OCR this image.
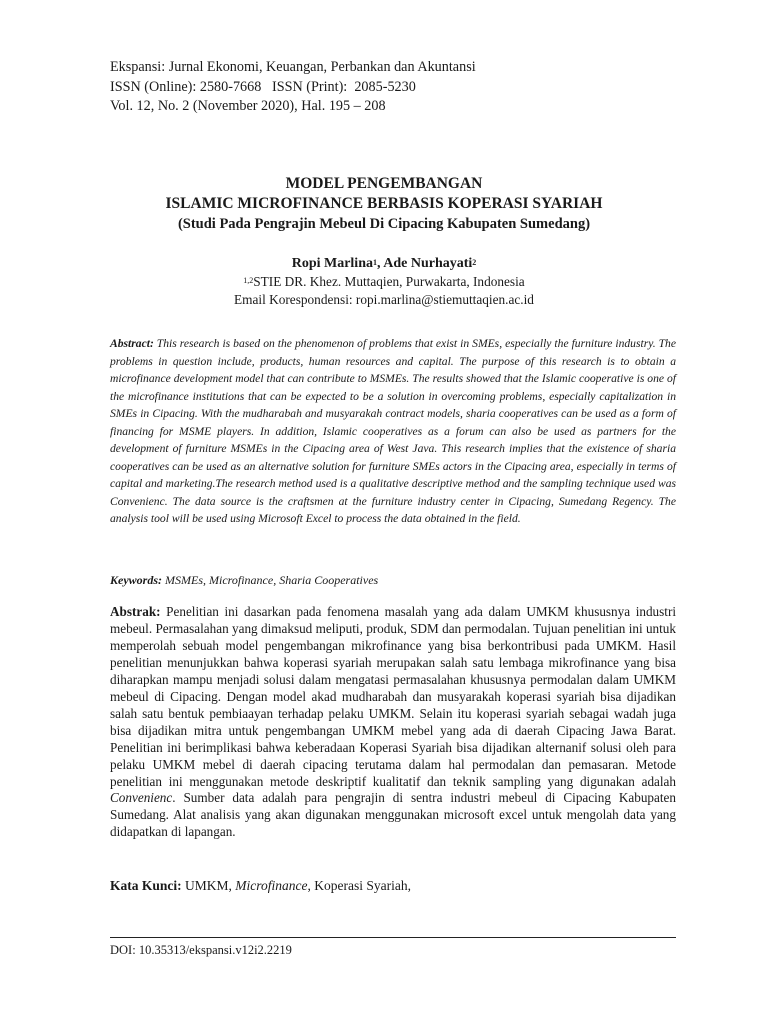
Ekspansi: Jurnal Ekonomi, Keuangan, Perbankan dan Akuntansi
ISSN (Online): 2580-7668   ISSN (Print):  2085-5230
Vol. 12, No. 2 (November 2020), Hal. 195 – 208
MODEL PENGEMBANGAN
ISLAMIC MICROFINANCE BERBASIS KOPERASI SYARIAH
(Studi Pada Pengrajin Mebeul Di Cipacing Kabupaten Sumedang)
Ropi Marlina$^1$, Ade Nurhayati$^2$
$^{1,2}$STIE DR. Khez. Muttaqien, Purwakarta, Indonesia
Email Korespondensi: ropi.marlina@stiemuttaqien.ac.id
Abstract: This research is based on the phenomenon of problems that exist in SMEs, especially the furniture industry. The problems in question include, products, human resources and capital. The purpose of this research is to obtain a microfinance development model that can contribute to MSMEs. The results showed that the Islamic cooperative is one of the microfinance institutions that can be expected to be a solution in overcoming problems, especially capitalization in SMEs in Cipacing. With the mudharabah and musyarakah contract models, sharia cooperatives can be used as a form of financing for MSME players. In addition, Islamic cooperatives as a forum can also be used as partners for the development of furniture MSMEs in the Cipacing area of West Java. This research implies that the existence of sharia cooperatives can be used as an alternative solution for furniture SMEs actors in the Cipacing area, especially in terms of capital and marketing.The research method used is a qualitative descriptive method and the sampling technique used was Convenienc. The data source is the craftsmen at the furniture industry center in Cipacing, Sumedang Regency. The analysis tool will be used using Microsoft Excel to process the data obtained in the field.
Keywords: MSMEs, Microfinance, Sharia Cooperatives
Abstrak: Penelitian ini dasarkan pada fenomena masalah yang ada dalam UMKM khususnya industri mebeul. Permasalahan yang dimaksud meliputi, produk, SDM dan permodalan. Tujuan penelitian ini untuk memperolah sebuah model pengembangan mikrofinance yang bisa berkontribusi pada UMKM. Hasil penelitian menunjukkan bahwa koperasi syariah merupakan salah satu lembaga mikrofinance yang bisa diharapkan mampu menjadi solusi dalam mengatasi permasalahan khususnya permodalan dalam UMKM mebeul di Cipacing. Dengan model akad mudharabah dan musyarakah koperasi syariah bisa dijadikan salah satu bentuk pembiaayan terhadap pelaku UMKM. Selain itu koperasi syariah sebagai wadah juga bisa dijadikan mitra untuk pengembangan UMKM mebel yang ada di daerah Cipacing Jawa Barat. Penelitian ini berimplikasi bahwa keberadaan Koperasi Syariah bisa dijadikan alternanif solusi oleh para pelaku UMKM mebel di daerah cipacing terutama dalam hal permodalan dan pemasaran. Metode penelitian ini menggunakan metode deskriptif kualitatif dan teknik sampling yang digunakan adalah Convenienc. Sumber data adalah para pengrajin di sentra industri mebeul di Cipacing Kabupaten Sumedang. Alat analisis yang akan digunakan menggunakan microsoft excel untuk mengolah data yang didapatkan di lapangan.
Kata Kunci: UMKM, Microfinance, Koperasi Syariah,
DOI: 10.35313/ekspansi.v12i2.2219
